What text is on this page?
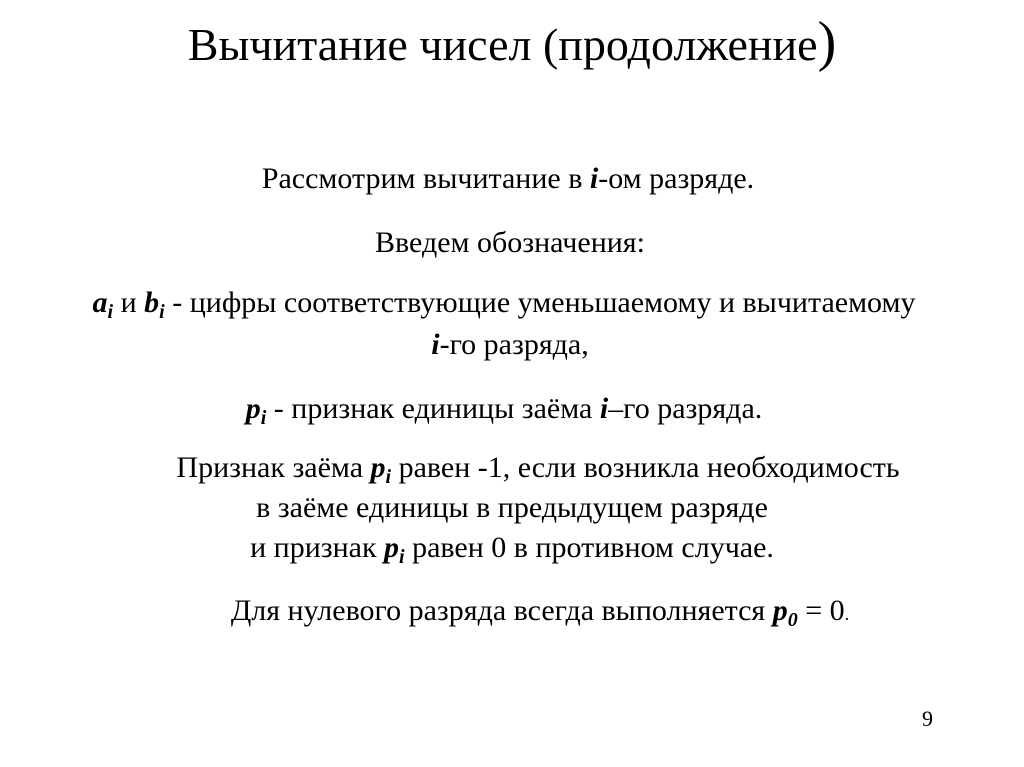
Вычитание чисел (продолжение)
Рассмотрим вычитание в i-ом разряде.
Введем обозначения:
$a_i$ и $b_i$ - цифры соответствующие уменьшаемому и вычитаемому
i-го разряда,
$p_i$ - признак единицы заёма i–го разряда.
Признак заёма $p_i$ равен -1, если возникла необходимость
в заёме единицы в предыдущем разряде
и признак $p_i$ равен 0 в противном случае.
Для нулевого разряда всегда выполняется $p_0 = 0$.
9
